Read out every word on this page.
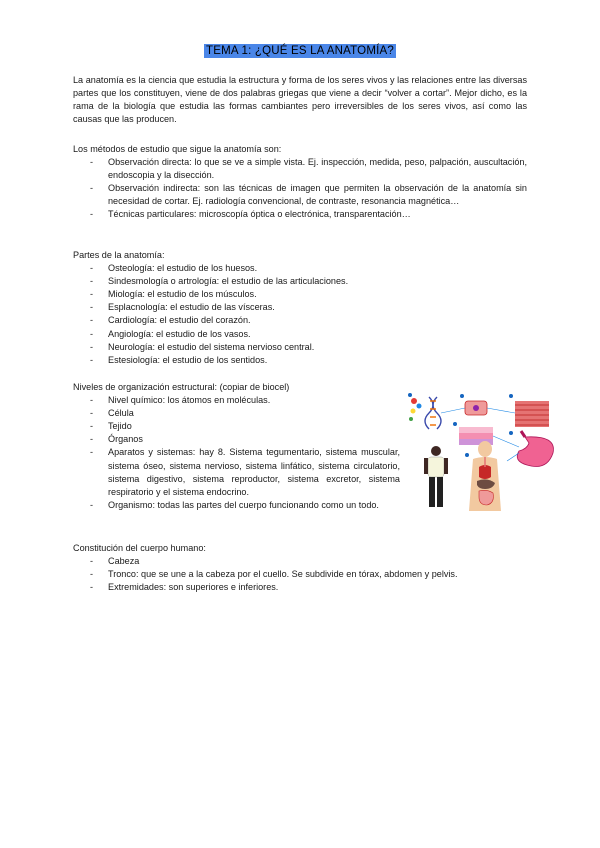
TEMA 1: ¿QUÉ ES LA ANATOMÍA?

La anatomía es la ciencia que estudia la estructura y forma de los seres vivos y las relaciones entre las diversas partes que los constituyen, viene de dos palabras griegas que viene a decir “volver a cortar”. Mejor dicho, es la rama de la biología que estudia las formas cambiantes pero irreversibles de los seres vivos, así como las causas que las producen.

Los métodos de estudio que sigue la anatomía son:

- Observación directa: lo que se ve a simple vista. Ej. inspección, medida, peso, palpación, auscultación, endoscopia y la disección.
- Observación indirecta: son las técnicas de imagen que permiten la observación de la anatomía sin necesidad de cortar. Ej. radiología convencional, de contraste, resonancia magnética…
- Técnicas particulares: microscopía óptica o electrónica, transparentación…

Partes de la anatomía:

- Osteología: el estudio de los huesos.
- Sindesmología o artrología: el estudio de las articulaciones.
- Miología: el estudio de los músculos.
- Esplacnología: el estudio de las vísceras.
- Cardiología: el estudio del corazón.
- Angiología: el estudio de los vasos.
- Neurología: el estudio del sistema nervioso central.
- Estesiología: el estudio de los sentidos.

Niveles de organización estructural: (copiar de biocel)

- Nivel químico: los átomos en moléculas.
- Célula
- Tejido
- Órganos
- Aparatos y sistemas: hay 8. Sistema tegumentario, sistema muscular, sistema óseo, sistema nervioso, sistema linfático, sistema circulatorio, sistema digestivo, sistema reproductor, sistema excretor, sistema respiratorio y el sistema endocrino.
- Organismo: todas las partes del cuerpo funcionando como un todo.

Constitución del cuerpo humano:

- Cabeza
- Tronco: que se une a la cabeza por el cuello. Se subdivide en tórax, abdomen y pelvis.
- Extremidades: son superiores e inferiores.
